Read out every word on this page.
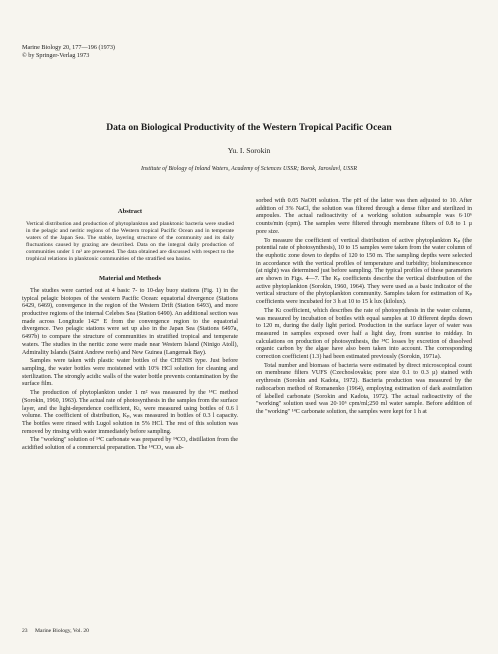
Marine Biology 20, 177—196 (1973)
© by Springer-Verlag 1973
Data on Biological Productivity of the Western Tropical Pacific Ocean
Yu. I. Sorokin
Institute of Biology of Inland Waters, Academy of Sciences USSR; Borok, Jaroslavl, USSR
Abstract
Vertical distribution and production of phytoplankton and planktonic bacteria were studied in the pelagic and neritic regions of the Western tropical Pacific Ocean and in temperate waters of the Japan Sea. The stable, layering structure of the community and its daily fluctuations caused by grazing are described. Data on the integral daily production of communities under 1 m² are presented. The data obtained are discussed with respect to the trophical relations in planktonic communities of the stratified sea basins.
Material and Methods

The studies were carried out at 4 basic 7- to 10-day buoy stations (Fig. 1) in the typical pelagic biotopes of the western Pacific Ocean: equatorial divergence (Stations 6429, 6469), convergence in the region of the Western Drift (Station 6493), and more productive regions of the internal Celebes Sea (Station 6490). An additional section was made across Longitude 142° E from the convergence region to the equatorial divergence. Two pelagic stations were set up also in the Japan Sea (Stations 6497a, 6497b) to compare the structure of communities in stratified tropical and temperate waters. The studies in the neritic zone were made near Western Island (Ninigo Atoll), Admirality Islands (Saint Andrew reefs) and New Guinea (Langemak Bay).

Samples were taken with plastic water bottles of the CHENIS type. Just before sampling, the water bottles were moistened with 10% HCl solution for cleaning and sterilization. The strongly acidic walls of the water bottle prevents contamination by the surface film.

The production of phytoplankton under 1 m² was measured by the ¹⁴C method (Sorokin, 1960, 1963). The actual rate of photosynthesis in the samples from the surface layer, and the light-dependence coefficient, Kₗ, were measured using bottles of 0.6 l volume. The coefficient of distribution, Kₚ, was measured in bottles of 0.3 l capacity. The bottles were rinsed with Lugol solution in 5% HCl. The rest of this solution was removed by rinsing with water immediately before sampling.

The "working" solution of ¹⁴C carbonate was prepared by ¹⁴CO₂ distillation from the acidified solution of a commercial preparation. The ¹⁴CO₂ was ab-

sorbed with 0.05 NaOH solution. The pH of the latter was then adjusted to 10. After addition of 3% NaCl, the solution was filtered through a dense filter and sterilized in ampoules. The actual radioactivity of a working solution subsample was 6·10⁶ counts/min (cpm). The samples were filtered through membrane filters of 0.8 to 1 µ pore size.

To measure the coefficient of vertical distribution of active phytoplankton Kₚ (the potential rate of photosynthesis), 10 to 15 samples were taken from the water column of the euphotic zone down to depths of 120 to 150 m. The sampling depths were selected in accordance with the vertical profiles of temperature and turbidity; bioluminescence (at night) was determined just before sampling. The typical profiles of these parameters are shown in Figs. 4—7. The Kₚ coefficients describe the vertical distribution of the active phytoplankton (Sorokin, 1960, 1964). They were used as a basic indicator of the vertical structure of the phytoplankton community. Samples taken for estimation of Kₚ coefficients were incubated for 3 h at 10 to 15 k lux (kilolux).

The Kₗ coefficient, which describes the rate of photosynthesis in the water column, was measured by incubation of bottles with equal samples at 10 different depths down to 120 m, during the daily light period. Production in the surface layer of water was measured in samples exposed over half a light day, from sunrise to midday. In calculations on production of photosynthesis, the ¹⁴C losses by excretion of dissolved organic carbon by the algae have also been taken into account. The corresponding correction coefficient (1.3) had been estimated previously (Sorokin, 1971a).

Total number and biomass of bacteria were estimated by direct microscopical count on membrane filters VUFS (Czechoslovakia; pore size 0.1 to 0.3 µ) stained with erythrosin (Sorokin and Kadota, 1972). Bacteria production was measured by the radiocarbon method of Romanenko (1964), employing estimation of dark assimilation of labelled carbonate (Sorokin and Kadota, 1972). The actual radioactivity of the "working" solution used was 20·10⁶ cpm/ml;250 ml water sample. Before addition of the "working" ¹⁴C carbonate solution, the samples were kept for 1 h at

23 Marine Biology, Vol. 20
